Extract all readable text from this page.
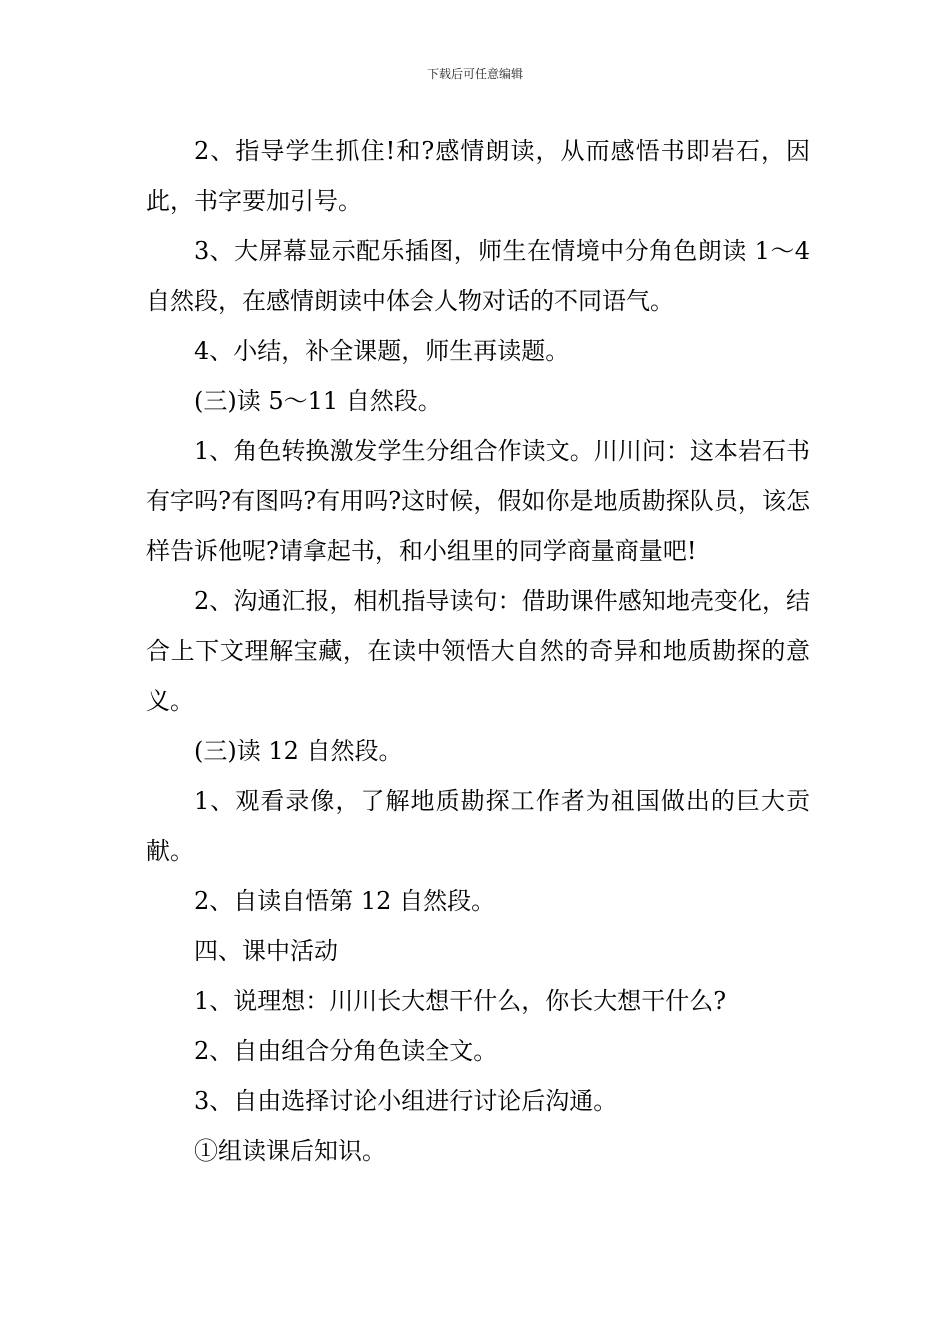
下载后可任意编辑

2、指导学生抓住!和?感情朗读，从而感悟书即岩石，因此，书字要加引号。

3、大屏幕显示配乐插图，师生在情境中分角色朗读 1～4 自然段，在感情朗读中体会人物对话的不同语气。

4、小结，补全课题，师生再读题。

(三)读 5～11 自然段。

1、角色转换激发学生分组合作读文。川川问：这本岩石书有字吗?有图吗?有用吗?这时候，假如你是地质勘探队员，该怎样告诉他呢?请拿起书，和小组里的同学商量商量吧!

2、沟通汇报，相机指导读句：借助课件感知地壳变化，结合上下文理解宝藏，在读中领悟大自然的奇异和地质勘探的意义。

(三)读 12 自然段。

1、观看录像，了解地质勘探工作者为祖国做出的巨大贡献。

2、自读自悟第 12 自然段。

四、课中活动

1、说理想：川川长大想干什么，你长大想干什么?

2、自由组合分角色读全文。

3、自由选择讨论小组进行讨论后沟通。

①组读课后知识。
